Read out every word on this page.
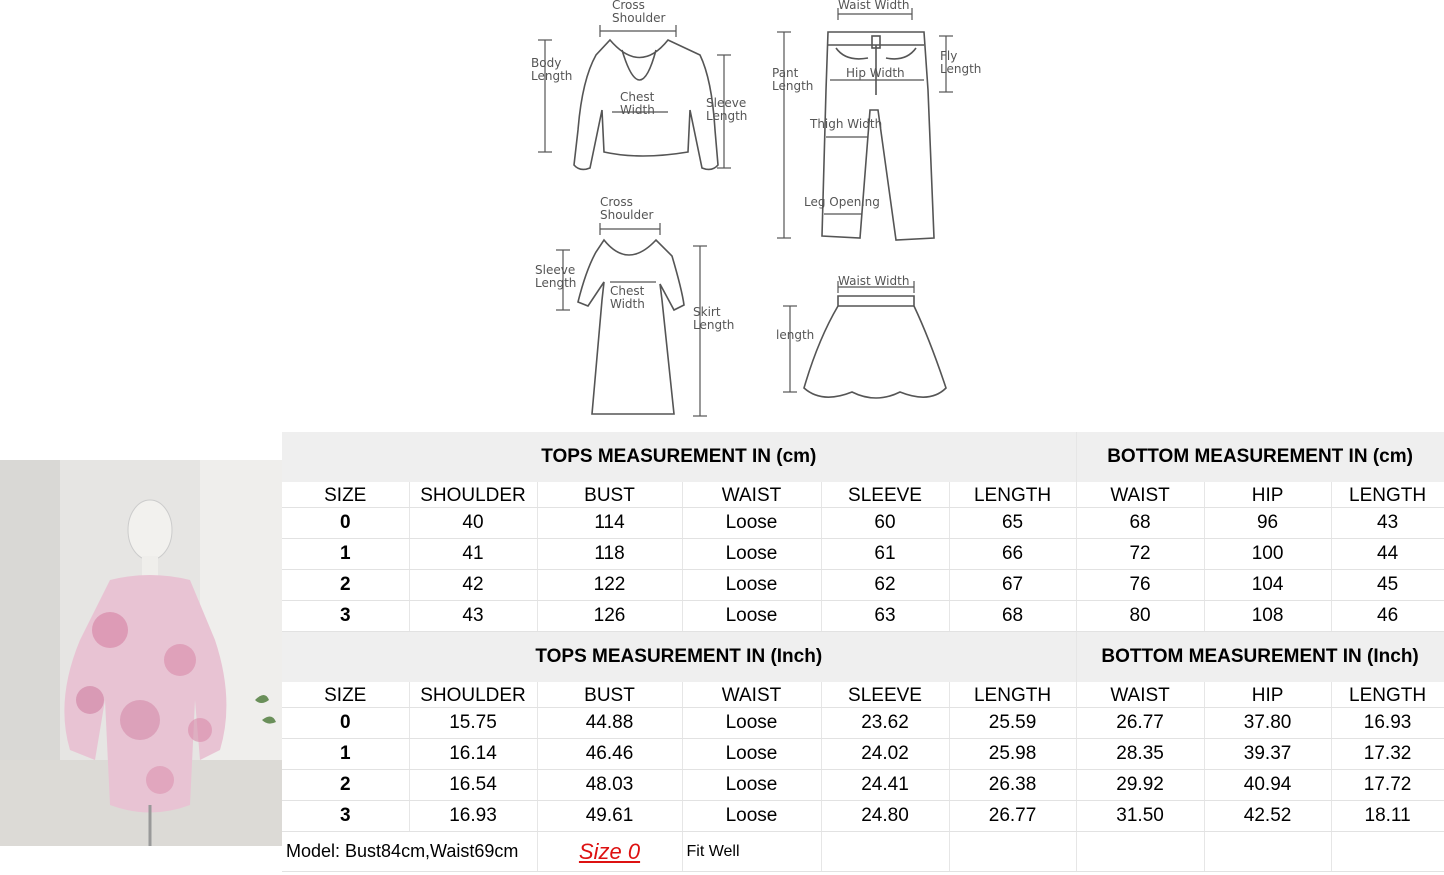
Cross Shoulder
Body Length
Chest Width	Sleeve Length
Waist Width
Pant Length
Hip Width
Fly Length
Thigh Width
Leg Opening
Cross Shoulder
Sleeve Length
Chest Width
Skirt Length
Waist Width
length
TOPS MEASUREMENT IN (cm)						BOTTOM MEASUREMENT IN (cm)		
SIZE	SHOULDER	BUST	WAIST	SLEEVE	LENGTH	WAIST	HIP	LENGTH
0	40	114	Loose	60	65	68	96	43
1	41	118	Loose	61	66	72	100	44
2	42	122	Loose	62	67	76	104	45
3	43	126	Loose	63	68	80	108	46
TOPS MEASUREMENT IN (Inch)						BOTTOM MEASUREMENT IN (Inch)		
SIZE	SHOULDER	BUST	WAIST	SLEEVE	LENGTH	WAIST	HIP	LENGTH
0	15.75	44.88	Loose	23.62	25.59	26.77	37.80	16.93
1	16.14	46.46	Loose	24.02	25.98	28.35	39.37	17.32
2	16.54	48.03	Loose	24.41	26.38	29.92	40.94	17.72
3	16.93	49.61	Loose	24.80	26.77	31.50	42.52	18.11
Model: Bust84cm,Waist69cm		Size 0	Fit Well					
